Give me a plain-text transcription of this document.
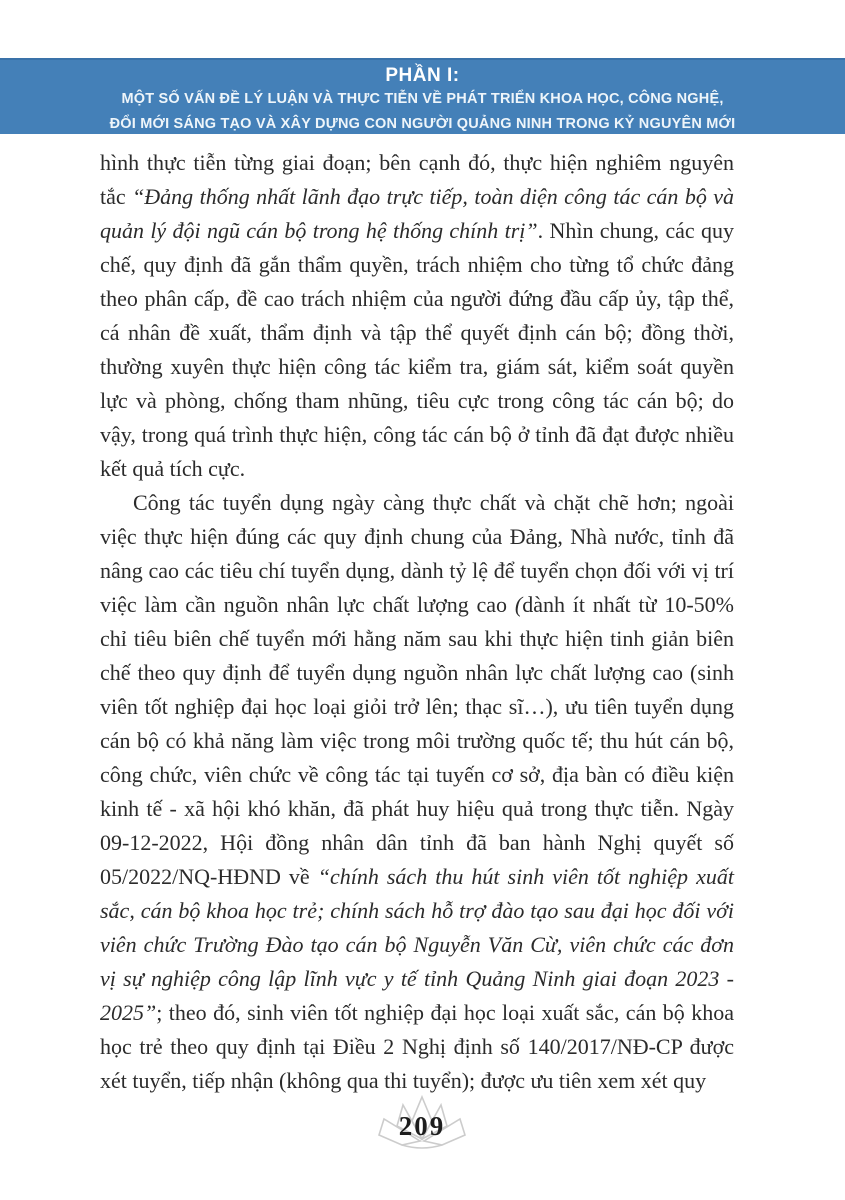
PHẦN I:
MỘT SỐ VẤN ĐỀ LÝ LUẬN VÀ THỰC TIỄN VỀ PHÁT TRIỂN KHOA HỌC, CÔNG NGHỆ,
ĐỔI MỚI SÁNG TẠO VÀ XÂY DỰNG CON NGƯỜI QUẢNG NINH TRONG KỶ NGUYÊN MỚI

hình thực tiễn từng giai đoạn; bên cạnh đó, thực hiện nghiêm nguyên tắc “Đảng thống nhất lãnh đạo trực tiếp, toàn diện công tác cán bộ và quản lý đội ngũ cán bộ trong hệ thống chính trị”. Nhìn chung, các quy chế, quy định đã gắn thẩm quyền, trách nhiệm cho từng tổ chức đảng theo phân cấp, đề cao trách nhiệm của người đứng đầu cấp ủy, tập thể, cá nhân đề xuất, thẩm định và tập thể quyết định cán bộ; đồng thời, thường xuyên thực hiện công tác kiểm tra, giám sát, kiểm soát quyền lực và phòng, chống tham nhũng, tiêu cực trong công tác cán bộ; do vậy, trong quá trình thực hiện, công tác cán bộ ở tỉnh đã đạt được nhiều kết quả tích cực.

Công tác tuyển dụng ngày càng thực chất và chặt chẽ hơn; ngoài việc thực hiện đúng các quy định chung của Đảng, Nhà nước, tỉnh đã nâng cao các tiêu chí tuyển dụng, dành tỷ lệ để tuyển chọn đối với vị trí việc làm cần nguồn nhân lực chất lượng cao (dành ít nhất từ 10-50% chỉ tiêu biên chế tuyển mới hằng năm sau khi thực hiện tinh giản biên chế theo quy định để tuyển dụng nguồn nhân lực chất lượng cao (sinh viên tốt nghiệp đại học loại giỏi trở lên; thạc sĩ…), ưu tiên tuyển dụng cán bộ có khả năng làm việc trong môi trường quốc tế; thu hút cán bộ, công chức, viên chức về công tác tại tuyến cơ sở, địa bàn có điều kiện kinh tế - xã hội khó khăn, đã phát huy hiệu quả trong thực tiễn. Ngày 09-12-2022, Hội đồng nhân dân tỉnh đã ban hành Nghị quyết số 05/2022/NQ-HĐND về “chính sách thu hút sinh viên tốt nghiệp xuất sắc, cán bộ khoa học trẻ; chính sách hỗ trợ đào tạo sau đại học đối với viên chức Trường Đào tạo cán bộ Nguyễn Văn Cừ, viên chức các đơn vị sự nghiệp công lập lĩnh vực y tế tỉnh Quảng Ninh giai đoạn 2023 - 2025”; theo đó, sinh viên tốt nghiệp đại học loại xuất sắc, cán bộ khoa học trẻ theo quy định tại Điều 2 Nghị định số 140/2017/NĐ-CP được xét tuyển, tiếp nhận (không qua thi tuyển); được ưu tiên xem xét quy

209
